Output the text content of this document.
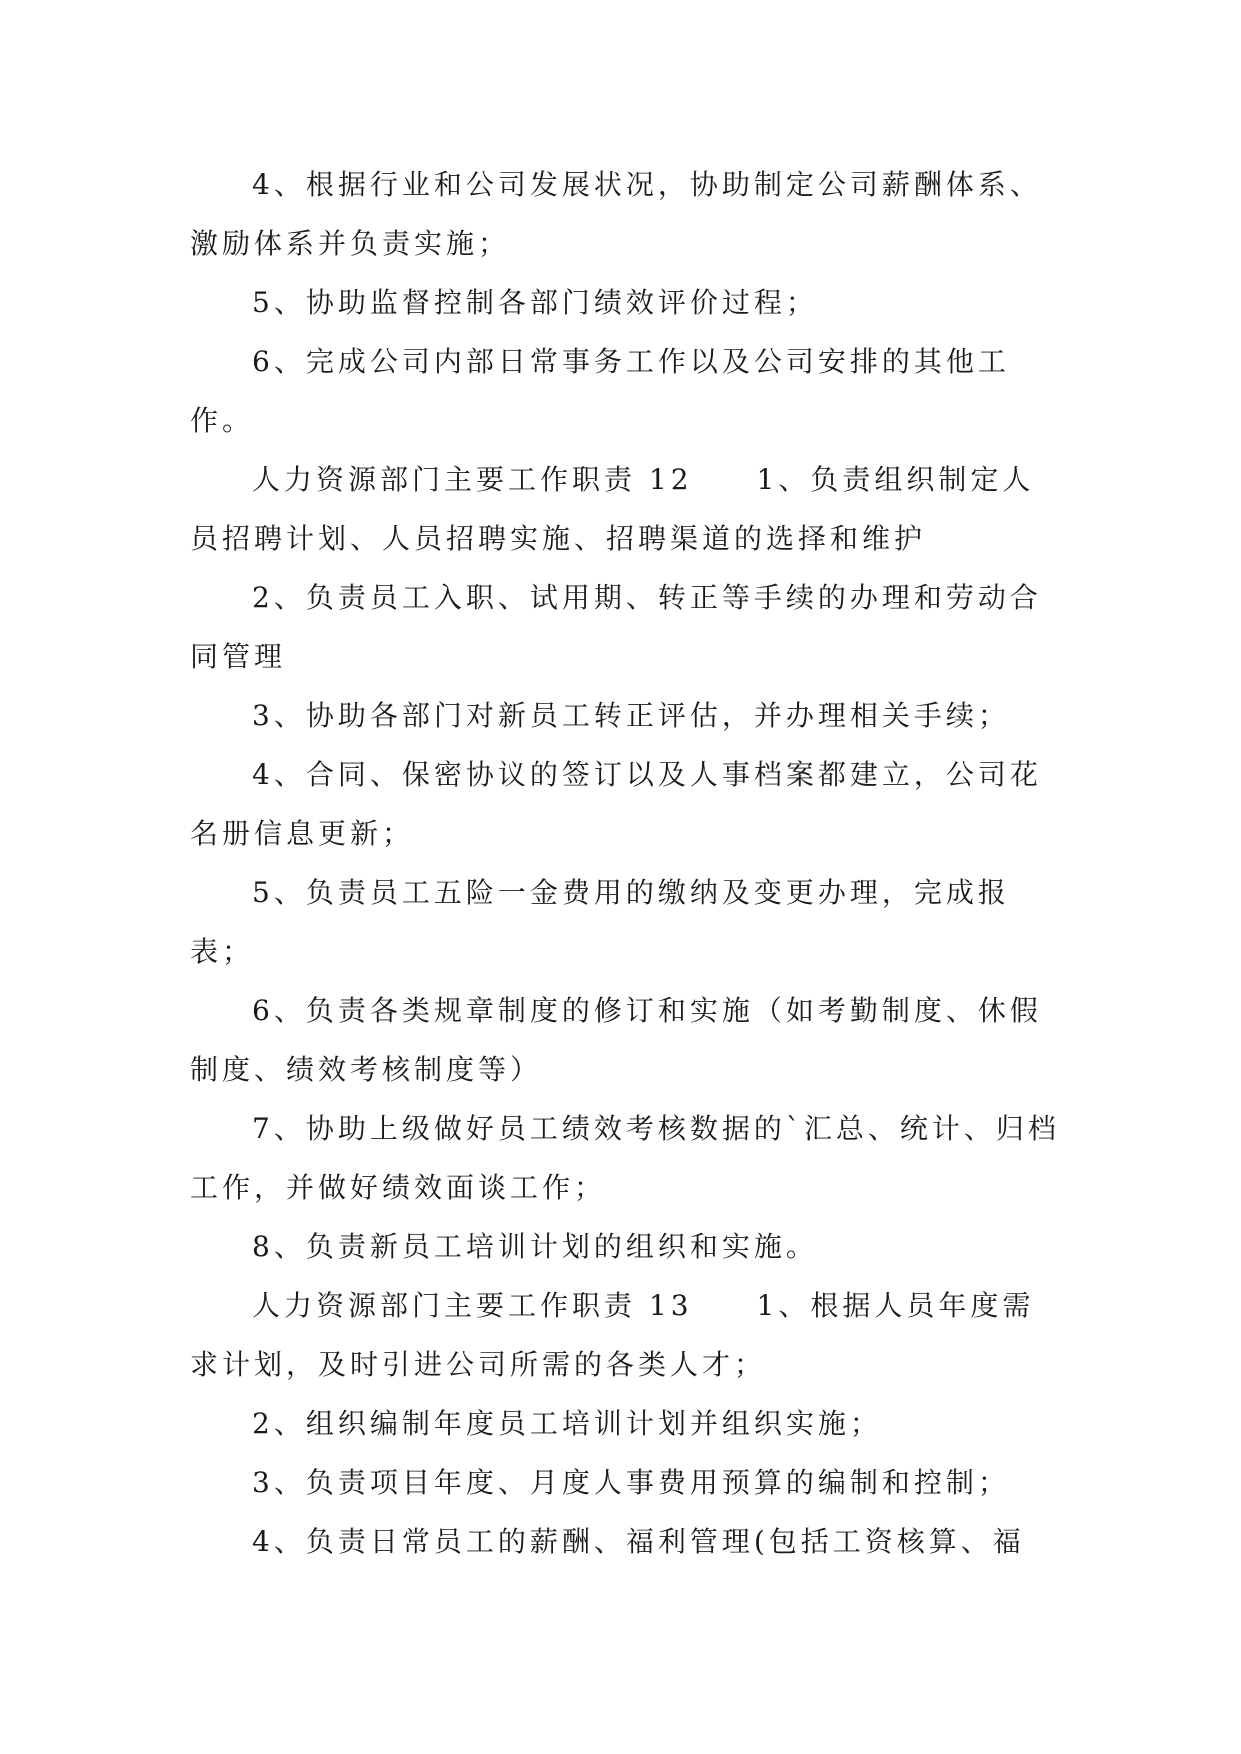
4、根据行业和公司发展状况，协助制定公司薪酬体系、激励体系并负责实施；

5、协助监督控制各部门绩效评价过程；

6、完成公司内部日常事务工作以及公司安排的其他工作。

人力资源部门主要工作职责 12　　1、负责组织制定人员招聘计划、人员招聘实施、招聘渠道的选择和维护

2、负责员工入职、试用期、转正等手续的办理和劳动合同管理

3、协助各部门对新员工转正评估，并办理相关手续；

4、合同、保密协议的签订以及人事档案都建立，公司花名册信息更新；

5、负责员工五险一金费用的缴纳及变更办理，完成报表；

6、负责各类规章制度的修订和实施（如考勤制度、休假制度、绩效考核制度等）

7、协助上级做好员工绩效考核数据的`汇总、统计、归档工作，并做好绩效面谈工作；

8、负责新员工培训计划的组织和实施。

人力资源部门主要工作职责 13　　1、根据人员年度需求计划，及时引进公司所需的各类人才；

2、组织编制年度员工培训计划并组织实施；

3、负责项目年度、月度人事费用预算的编制和控制；

4、负责日常员工的薪酬、福利管理(包括工资核算、福
